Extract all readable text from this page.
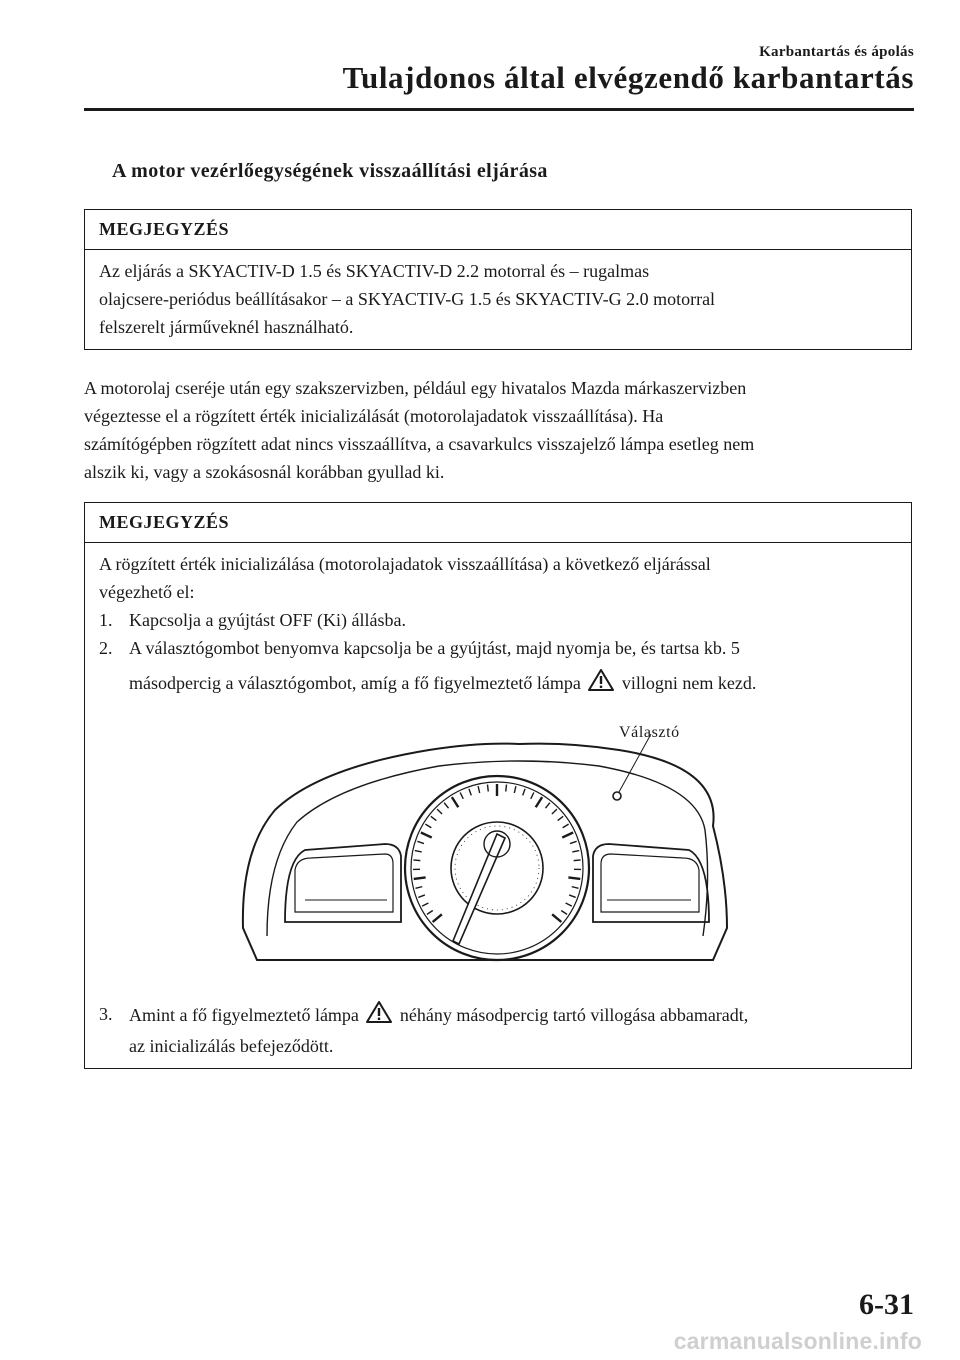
Karbantartás és ápolás
Tulajdonos által elvégzendő karbantartás
A motor vezérlőegységének visszaállítási eljárása
MEGJEGYZÉS
Az eljárás a SKYACTIV-D 1.5 és SKYACTIV-D 2.2 motorral és – rugalmas
olajcsere-periódus beállításakor – a SKYACTIV-G 1.5 és SKYACTIV-G 2.0 motorral
felszerelt járműveknél használható.
A motorolaj cseréje után egy szakszervizben, például egy hivatalos Mazda márkaszervizben
végeztesse el a rögzített érték inicializálását (motorolajadatok visszaállítása). Ha
számítógépben rögzített adat nincs visszaállítva, a csavarkulcs visszajelző lámpa esetleg nem
alszik ki, vagy a szokásosnál korábban gyullad ki.
MEGJEGYZÉS
A rögzített érték inicializálása (motorolajadatok visszaállítása) a következő eljárással
végezhető el:
1. Kapcsolja a gyújtást OFF (Ki) állásba.
2. A választógombot benyomva kapcsolja be a gyújtást, majd nyomja be, és tartsa kb. 5
másodpercig a választógombot, amíg a fő figyelmeztető lámpa villogni nem kezd.
Választó
3. Amint a fő figyelmeztető lámpa néhány másodpercig tartó villogása abbamaradt,
az inicializálás befejeződött.
6-31
carmanualsonline.info
